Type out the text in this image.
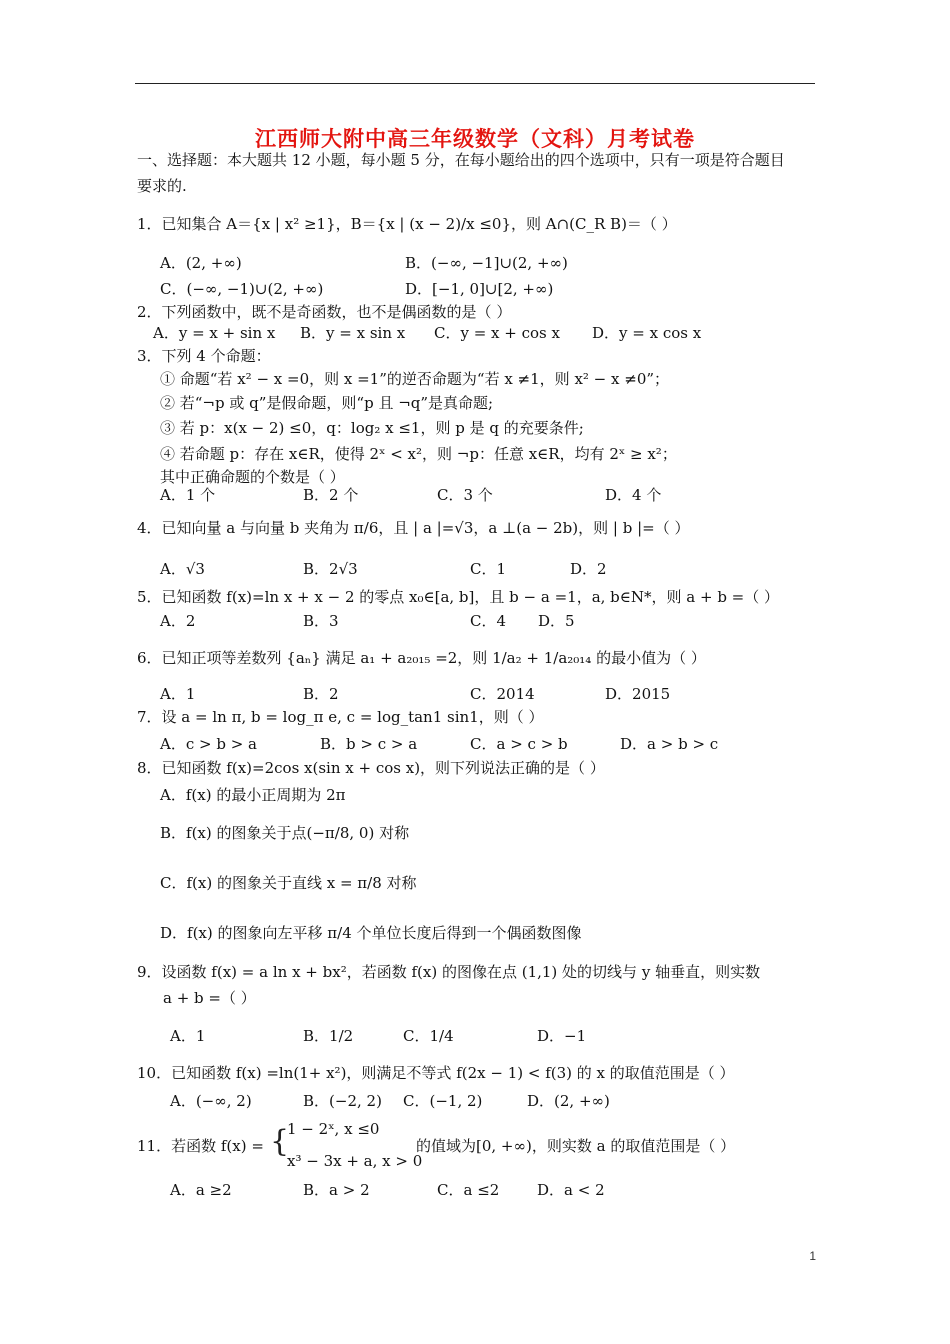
江西师大附中高三年级数学（文科）月考试卷
一、选择题：本大题共 12 小题，每小题 5 分，在每小题给出的四个选项中，只有一项是符合题目
要求的.
1．已知集合 A＝{x | x² ≥1}，B＝{x | (x − 2)/x ≤0}，则 A∩(C_R B)＝（ ）
A．(2, +∞)	B．(−∞, −1]∪(2, +∞)
C．(−∞, −1)∪(2, +∞)	D．[−1, 0]∪[2, +∞)
2．下列函数中，既不是奇函数，也不是偶函数的是（ ）
A．y = x + sin x B．y = x sin x C．y = x + cos x D．y = x cos x
3．下列 4 个命题：
① 命题“若 x² − x =0，则 x =1”的逆否命题为“若 x ≠1，则 x² − x ≠0”；
② 若“¬p 或 q”是假命题，则“p 且 ¬q”是真命题;
③ 若 p：x(x − 2) ≤0，q：log₂ x ≤1，则 p 是 q 的充要条件;
④ 若命题 p：存在 x∈R，使得 2ˣ < x²，则 ¬p：任意 x∈R，均有 2ˣ ≥ x²；
其中正确命题的个数是（ ）
A．1 个	B．2 个	C．3 个	D．4 个
4．已知向量 a 与向量 b 夹角为 π/6，且 | a |=√3，a ⊥(a − 2b)，则 | b |=（ ）
A．√3	B．2√3	C．1	D．2
5．已知函数 f(x)=ln x + x − 2 的零点 x₀∈[a, b]，且 b − a =1，a, b∈N*，则 a + b =（ ）
A．2	B．3	C．4 D．5
6．已知正项等差数列 {aₙ} 满足 a₁ + a₂₀₁₅ =2，则 1/a₂ + 1/a₂₀₁₄ 的最小值为（ ）
A．1	B．2	C．2014	D．2015
7．设 a = ln π, b = log_π e, c = log_tan1 sin1，则（ ）
A．c > b > a	B．b > c > a	C．a > c > b	D．a > b > c
8．已知函数 f(x)=2cos x(sin x + cos x)，则下列说法正确的是（ ）
A．f(x) 的最小正周期为 2π
B．f(x) 的图象关于点(−π/8, 0) 对称
C．f(x) 的图象关于直线 x = π/8 对称
D．f(x) 的图象向左平移 π/4 个单位长度后得到一个偶函数图像
9．设函数 f(x) = a ln x + bx²，若函数 f(x) 的图像在点 (1,1) 处的切线与 y 轴垂直，则实数
a + b =（ ）
A．1	B．1/2	C．1/4	D．−1
10．已知函数 f(x) =ln(1+ x²)，则满足不等式 f(2x − 1) < f(3) 的 x 的取值范围是（ ）
A．(−∞, 2)	B．(−2, 2) C．(−1, 2)	D．(2, +∞)
11．若函数 f(x) = {
1 − 2ˣ, x ≤0
x³ − 3x + a, x > 0
的值域为[0, +∞)，则实数 a 的取值范围是（ ）
A．a ≥2	B．a > 2	C．a ≤2	D．a < 2
1
